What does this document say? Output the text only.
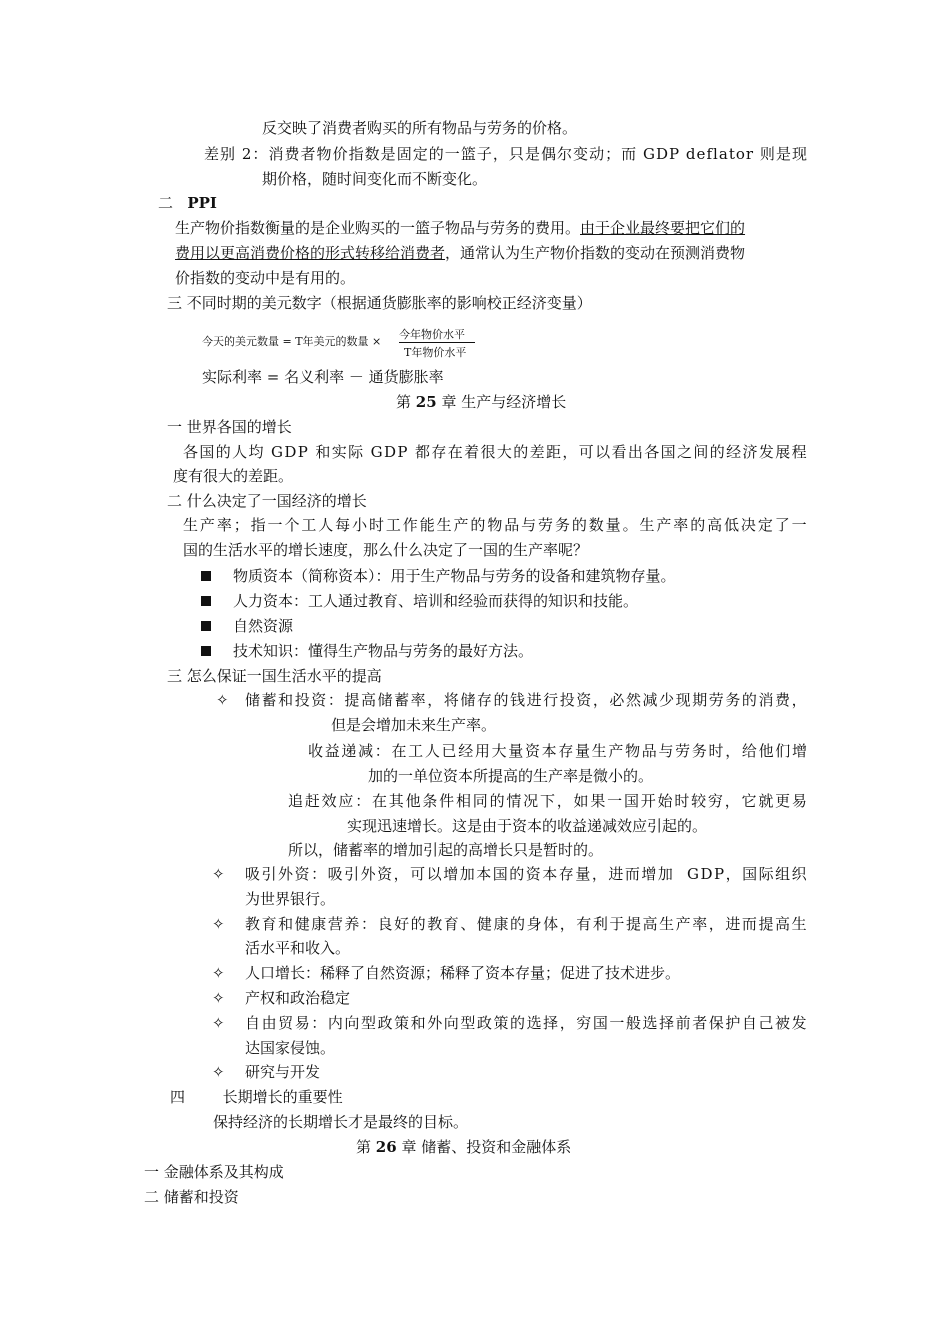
反交映了消费者购买的所有物品与劳务的价格。
差 别
2 ： 消 费 者 物 价 指 数 是 固 定 的 一 篮 子 ， 只 是 偶 尔 变 动 ； 而
G D P
d e f l a t o r
则 是 现
期价格，随时间变化而不断变化。
二 PPI
生产物价指数衡量的是企业购买的一篮子物品与劳务的费用。由于企业最终要把它们的
费用以更高消费价格的形式转移给消费者，通常认为生产物价指数的变动在预测消费物
价指数的变动中是有用的。
三 不同时期的美元数字（根据通货膨胀率的影响校正经济变量）
今天的美元数量 = T年美元的数量 ×
今年物价水平
T年物价水平
实际利率 = 名义利率 － 通货膨胀率
第 25 章 生产与经济增长
一 世界各国的增长
各 国 的 人 均
G D P
和 实 际
G D P
都 存 在 着 很 大 的 差 距 ， 可 以 看 出 各 国 之 间 的 经 济 发 展 程
度有很大的差距。
二 什么决定了一国经济的增长
生 产 率 ； 指 一 个 工 人 每 小 时 工 作 能 生 产 的 物 品 与 劳 务 的 数 量 。 生 产 率 的 高 低 决 定 了 一
国的生活水平的增长速度，那么什么决定了一国的生产率呢？
物质资本（简称资本）：用于生产物品与劳务的设备和建筑物存量。
人力资本：工人通过教育、培训和经验而获得的知识和技能。
自然资源
技术知识：懂得生产物品与劳务的最好方法。
三 怎么保证一国生活水平的提高
✧ 储 蓄 和 投 资 ： 提 高 储 蓄 率 ， 将 储 存 的 钱 进 行 投 资 ， 必 然 减 少 现 期 劳 务 的 消 费 ，
但是会增加未来生产率。
收 益 递 减 ： 在 工 人 已 经 用 大 量 资 本 存 量 生 产 物 品 与 劳 务 时 ， 给 他 们 增
加的一单位资本所提高的生产率是微小的。
追 赶 效 应 ： 在 其 他 条 件 相 同 的 情 况 下 ， 如 果 一 国 开 始 时 较 穷 ， 它 就 更 易
实现迅速增长。这是由于资本的收益递减效应引起的。
所以，储蓄率的增加引起的高增长只是暂时的。
✧ 吸 引 外 资 ： 吸 引 外 资 ， 可 以 增 加 本 国 的 资 本 存 量 ， 进 而 增 加

G D P ， 国 际 组 织
为世界银行。
✧ 教 育 和 健 康 营 养 ： 良 好 的 教 育 、 健 康 的 身 体 ， 有 利 于 提 高 生 产 率 ， 进 而 提 高 生
活水平和收入。
✧ 人口增长：稀释了自然资源；稀释了资本存量；促进了技术进步。
✧ 产权和政治稳定
✧ 自 由 贸 易 ： 内 向 型 政 策 和 外 向 型 政 策 的 选 择 ， 穷 国 一 般 选 择 前 者 保 护 自 己 被 发
达国家侵蚀。
✧ 研究与开发
四	长期增长的重要性
保持经济的长期增长才是最终的目标。
第 26 章 储蓄、投资和金融体系
一 金融体系及其构成
二 储蓄和投资
